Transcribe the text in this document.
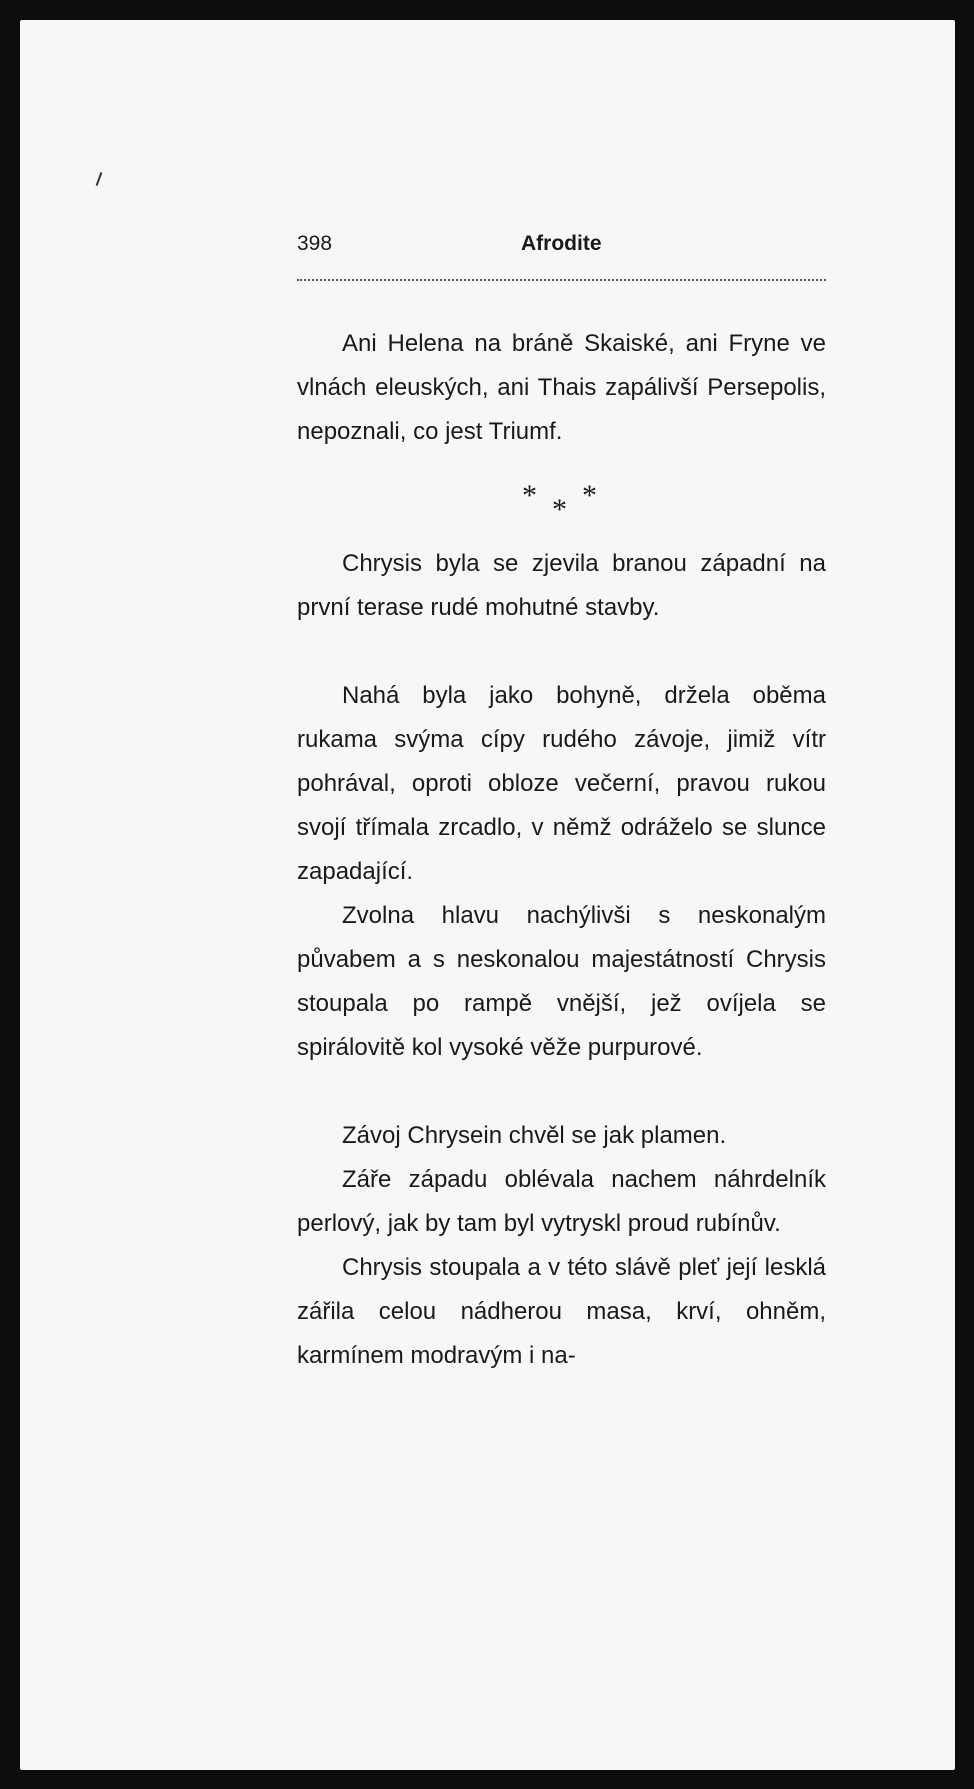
398	Afrodite

Ani Helena na bráně Skaiské, ani Fryne ve vlnách eleuských, ani Thais zapálivší Persepolis, nepoznali, co jest Triumf.

* * *

Chrysis byla se zjevila branou západní na první terase rudé mohutné stavby.

Nahá byla jako bohyně, držela oběma rukama svýma cípy rudého závoje, jimiž vítr pohrával, oproti obloze večerní, pravou rukou svojí třímala zrcadlo, v němž odráželo se slunce zapadající.

Zvolna hlavu nachýlivši s neskonalým půvabem a s neskonalou majestátností Chrysis stoupala po rampě vnější, jež ovíjela se spirálovitě kol vysoké věže purpurové.

Závoj Chrysein chvěl se jak plamen.

Záře západu oblévala nachem náhrdelník perlový, jak by tam byl vytryskl proud rubínův.

Chrysis stoupala a v této slávě pleť její lesklá zářila celou nádherou masa, krví, ohněm, karmínem modravým i na-
